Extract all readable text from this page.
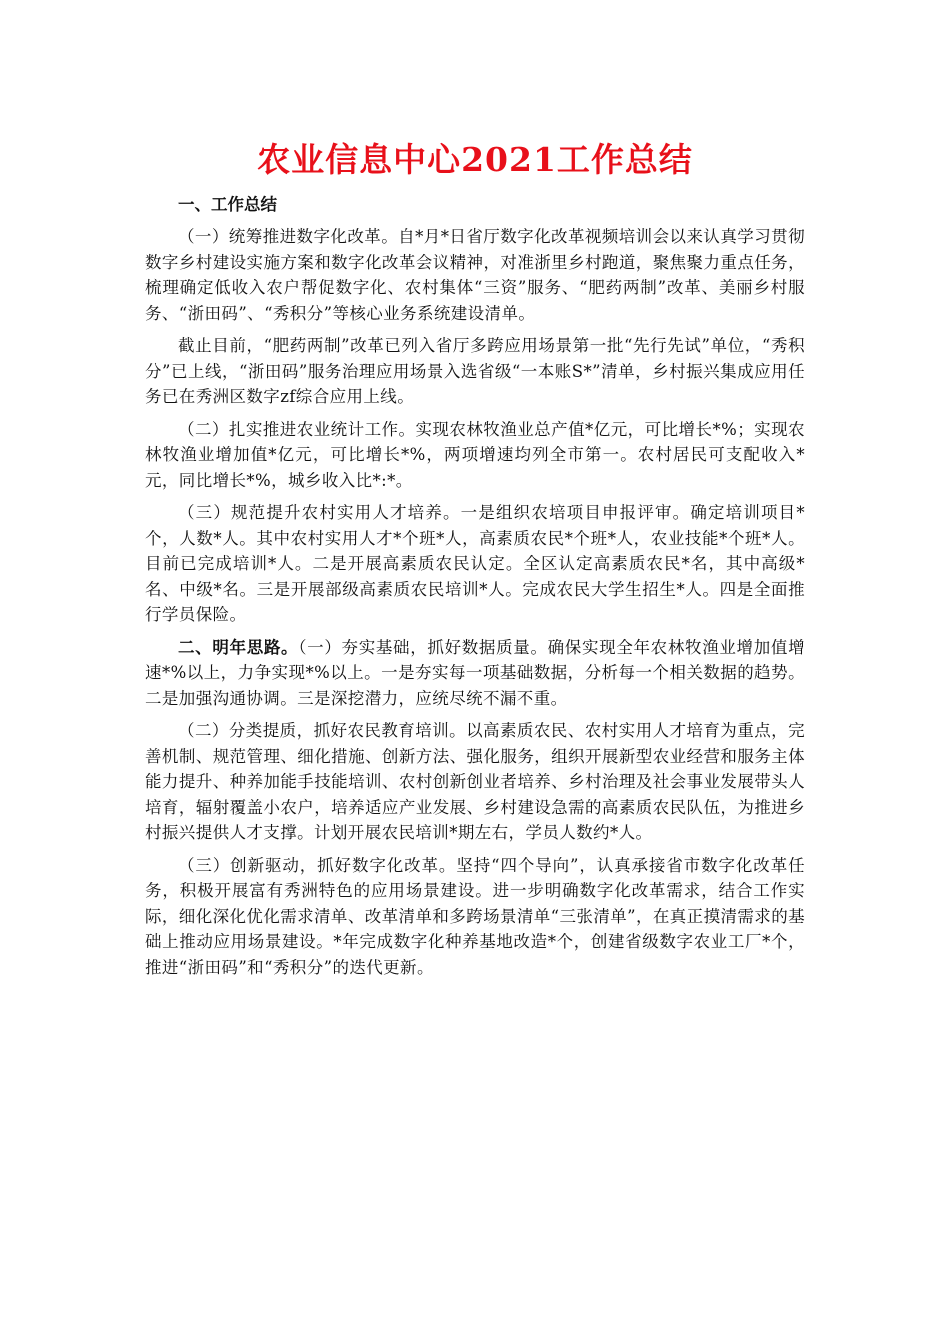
农业信息中心2021工作总结
一、工作总结

（一）统筹推进数字化改革。自*月*日省厅数字化改革视频培训会以来认真学习贯彻数字乡村建设实施方案和数字化改革会议精神，对准浙里乡村跑道，聚焦聚力重点任务，梳理确定低收入农户帮促数字化、农村集体“三资”服务、“肥药两制”改革、美丽乡村服务、“浙田码”、“秀积分”等核心业务系统建设清单。

截止目前，“肥药两制”改革已列入省厅多跨应用场景第一批“先行先试”单位，“秀积分”已上线，“浙田码”服务治理应用场景入选省级“一本账S*”清单，乡村振兴集成应用任务已在秀洲区数字zf综合应用上线。

（二）扎实推进农业统计工作。实现农林牧渔业总产值*亿元，可比增长*%；实现农林牧渔业增加值*亿元，可比增长*%，两项增速均列全市第一。农村居民可支配收入*元，同比增长*%，城乡收入比*:*。

（三）规范提升农村实用人才培养。一是组织农培项目申报评审。确定培训项目*个，人数*人。其中农村实用人才*个班*人，高素质农民*个班*人，农业技能*个班*人。目前已完成培训*人。二是开展高素质农民认定。全区认定高素质农民*名，其中高级*名、中级*名。三是开展部级高素质农民培训*人。完成农民大学生招生*人。四是全面推行学员保险。

二、明年思路。（一）夯实基础，抓好数据质量。确保实现全年农林牧渔业增加值增速*%以上，力争实现*%以上。一是夯实每一项基础数据，分析每一个相关数据的趋势。二是加强沟通协调。三是深挖潜力，应统尽统不漏不重。

（二）分类提质，抓好农民教育培训。以高素质农民、农村实用人才培育为重点，完善机制、规范管理、细化措施、创新方法、强化服务，组织开展新型农业经营和服务主体能力提升、种养加能手技能培训、农村创新创业者培养、乡村治理及社会事业发展带头人培育，辐射覆盖小农户，培养适应产业发展、乡村建设急需的高素质农民队伍，为推进乡村振兴提供人才支撑。计划开展农民培训*期左右，学员人数约*人。

（三）创新驱动，抓好数字化改革。坚持“四个导向”，认真承接省市数字化改革任务，积极开展富有秀洲特色的应用场景建设。进一步明确数字化改革需求，结合工作实际，细化深化优化需求清单、改革清单和多跨场景清单“三张清单”，在真正摸清需求的基础上推动应用场景建设。*年完成数字化种养基地改造*个，创建省级数字农业工厂*个，推进“浙田码”和“秀积分”的迭代更新。
